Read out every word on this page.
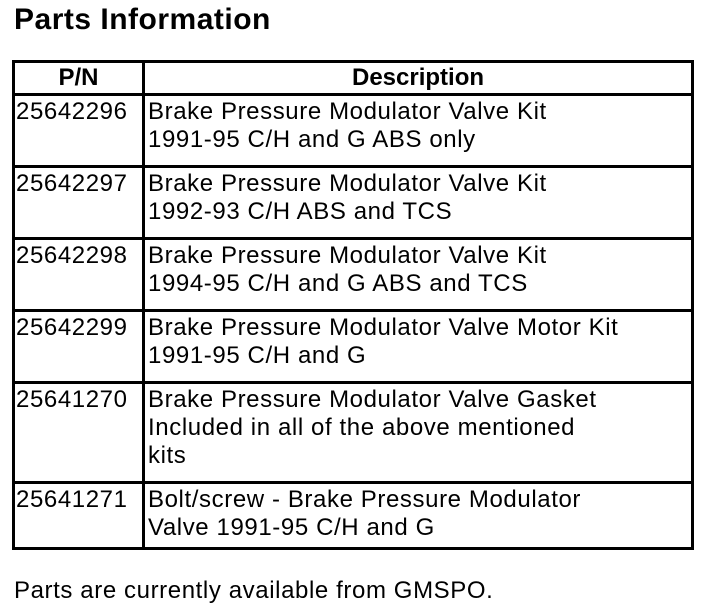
Parts Information
P/N	Description
25642296	Brake Pressure Modulator Valve Kit
1991-95 C/H and G ABS only

25642297	Brake Pressure Modulator Valve Kit
1992-93 C/H ABS and TCS

25642298	Brake Pressure Modulator Valve Kit
1994-95 C/H and G ABS and TCS

25642299	Brake Pressure Modulator Valve Motor Kit
1991-95 C/H and G

25641270	Brake Pressure Modulator Valve Gasket
Included in all of the above mentioned
kits

25641271	Bolt/screw - Brake Pressure Modulator
Valve 1991-95 C/H and G
Parts are currently available from GMSPO.
